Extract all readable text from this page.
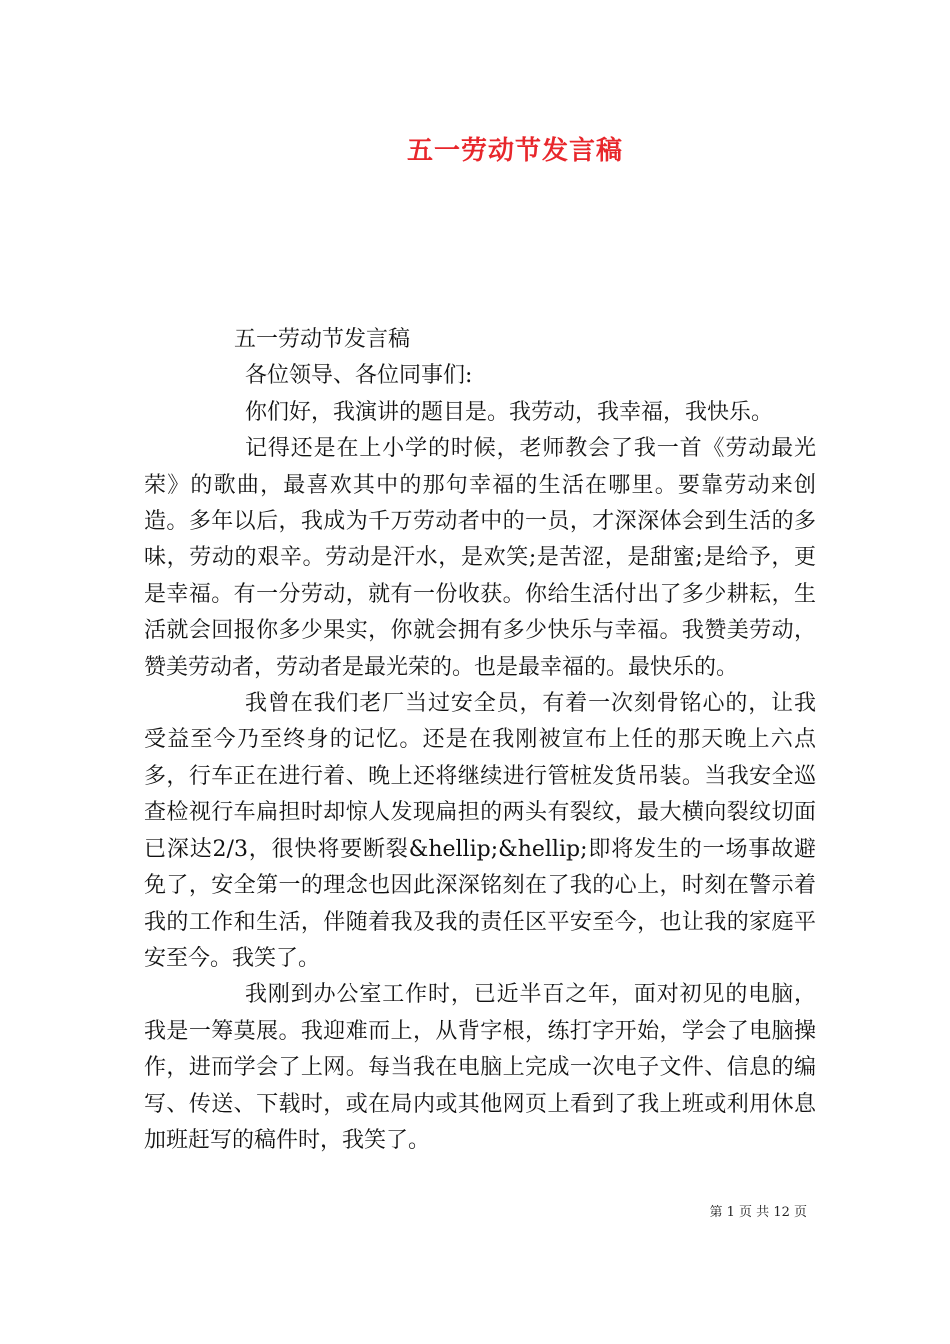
五一劳动节发言稿

五一劳动节发言稿

各位领导、各位同事们:

你们好，我演讲的题目是。我劳动，我幸福，我快乐。

记得还是在上小学的时候，老师教会了我一首《劳动最光荣》的歌曲，最喜欢其中的那句幸福的生活在哪里。要靠劳动来创造。多年以后，我成为千万劳动者中的一员，才深深体会到生活的多味，劳动的艰辛。劳动是汗水，是欢笑;是苦涩，是甜蜜;是给予，更是幸福。有一分劳动，就有一份收获。你给生活付出了多少耕耘，生活就会回报你多少果实，你就会拥有多少快乐与幸福。我赞美劳动，赞美劳动者，劳动者是最光荣的。也是最幸福的。最快乐的。

我曾在我们老厂当过安全员，有着一次刻骨铭心的，让我受益至今乃至终身的记忆。还是在我刚被宣布上任的那天晚上六点多，行车正在进行着、晚上还将继续进行管桩发货吊装。当我安全巡查检视行车扁担时却惊人发现扁担的两头有裂纹，最大横向裂纹切面已深达2/3，很快将要断裂&hellip;&hellip;即将发生的一场事故避免了，安全第一的理念也因此深深铭刻在了我的心上，时刻在警示着我的工作和生活，伴随着我及我的责任区平安至今，也让我的家庭平安至今。我笑了。

我刚到办公室工作时，已近半百之年，面对初见的电脑，我是一筹莫展。我迎难而上，从背字根，练打字开始，学会了电脑操作，进而学会了上网。每当我在电脑上完成一次电子文件、信息的编写、传送、下载时，或在局内或其他网页上看到了我上班或利用休息加班赶写的稿件时，我笑了。

第 1 页 共 12 页
